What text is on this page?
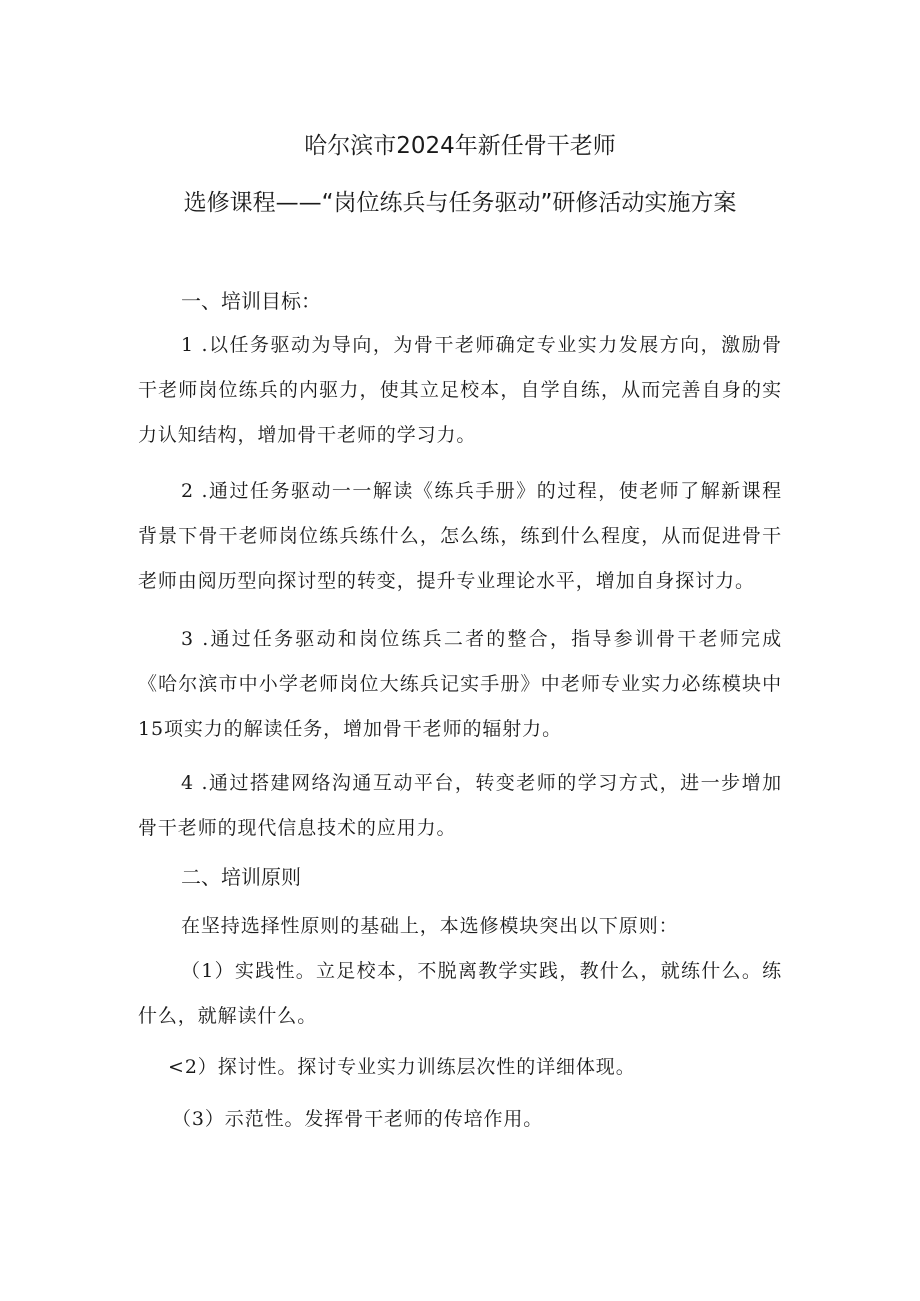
哈尔滨市2024年新任骨干老师
选修课程——“岗位练兵与任务驱动”研修活动实施方案
一、培训目标：
1 .以任务驱动为导向，为骨干老师确定专业实力发展方向，激励骨干老师岗位练兵的内驱力，使其立足校本，自学自练，从而完善自身的实力认知结构，增加骨干老师的学习力。
2 .通过任务驱动一一解读《练兵手册》的过程，使老师了解新课程背景下骨干老师岗位练兵练什么，怎么练，练到什么程度，从而促进骨干老师由阅历型向探讨型的转变，提升专业理论水平，增加自身探讨力。
3 .通过任务驱动和岗位练兵二者的整合，指导参训骨干老师完成《哈尔滨市中小学老师岗位大练兵记实手册》中老师专业实力必练模块中15项实力的解读任务，增加骨干老师的辐射力。
4 .通过搭建网络沟通互动平台，转变老师的学习方式，进一步增加骨干老师的现代信息技术的应用力。
二、培训原则
在坚持选择性原则的基础上，本选修模块突出以下原则：
（1）实践性。立足校本，不脱离教学实践，教什么，就练什么。练什么，就解读什么。
<2）探讨性。探讨专业实力训练层次性的详细体现。
（3）示范性。发挥骨干老师的传培作用。
